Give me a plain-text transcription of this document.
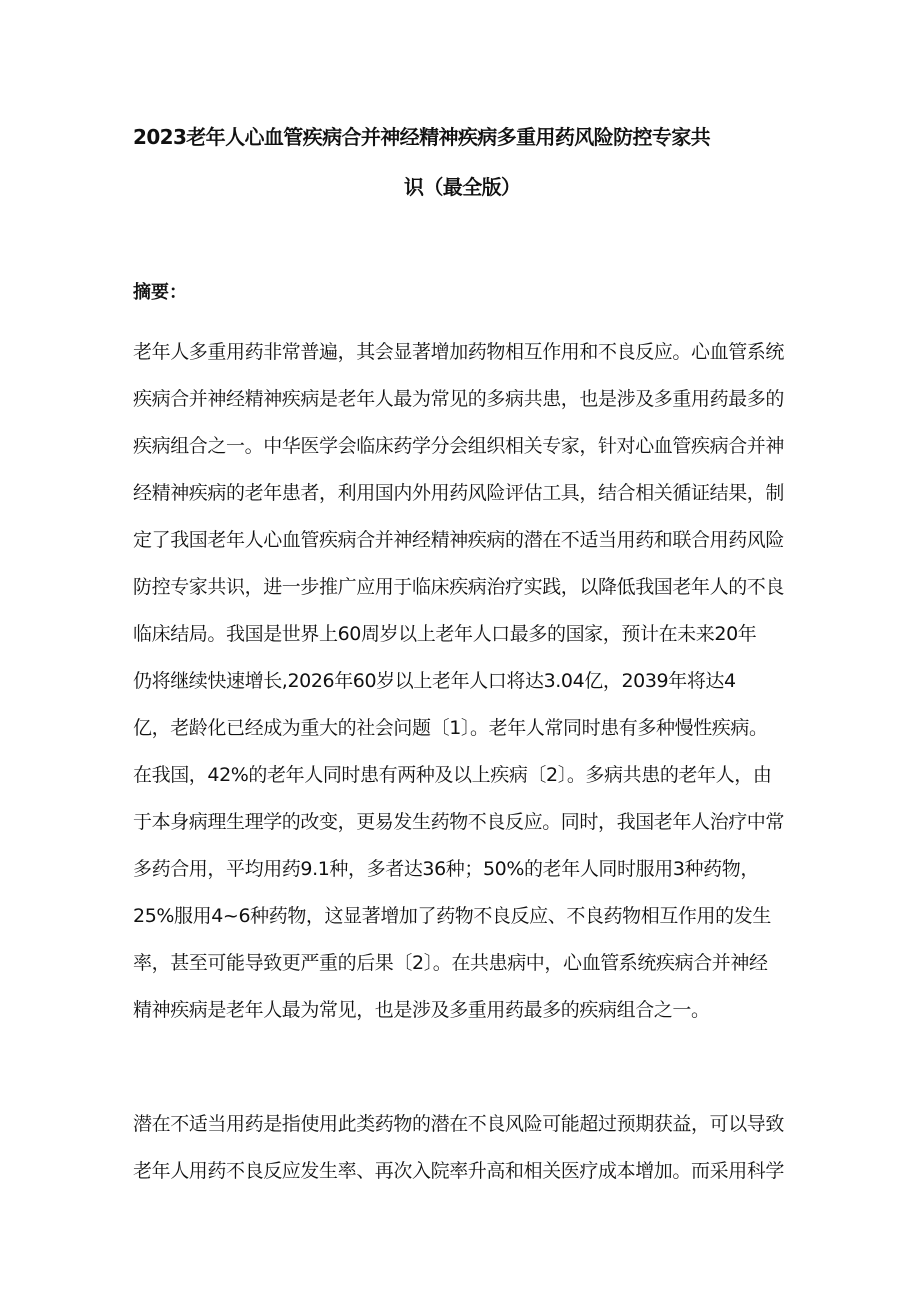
2023老年人心血管疾病合并神经精神疾病多重用药风险防控专家共
识（最全版）
摘要：
老年人多重用药非常普遍，其会显著增加药物相互作用和不良反应。心血管系统
疾病合并神经精神疾病是老年人最为常见的多病共患，也是涉及多重用药最多的
疾病组合之一。中华医学会临床药学分会组织相关专家，针对心血管疾病合并神
经精神疾病的老年患者，利用国内外用药风险评估工具，结合相关循证结果，制
定了我国老年人心血管疾病合并神经精神疾病的潜在不适当用药和联合用药风险
防控专家共识，进一步推广应用于临床疾病治疗实践，以降低我国老年人的不良
临床结局。我国是世界上60周岁以上老年人口最多的国家，预计在未来20年
仍将继续快速增长,2026年60岁以上老年人口将达3.04亿，2039年将达4
亿，老龄化已经成为重大的社会问题〔1〕。老年人常同时患有多种慢性疾病。
在我国，42%的老年人同时患有两种及以上疾病〔2〕。多病共患的老年人，由
于本身病理生理学的改变，更易发生药物不良反应。同时，我国老年人治疗中常
多药合用，平均用药9.1种，多者达36种；50%的老年人同时服用3种药物，
25%服用4~6种药物，这显著增加了药物不良反应、不良药物相互作用的发生
率，甚至可能导致更严重的后果〔2〕。在共患病中，心血管系统疾病合并神经
精神疾病是老年人最为常见，也是涉及多重用药最多的疾病组合之一。
潜在不适当用药是指使用此类药物的潜在不良风险可能超过预期获益，可以导致
老年人用药不良反应发生率、再次入院率升高和相关医疗成本增加。而采用科学
